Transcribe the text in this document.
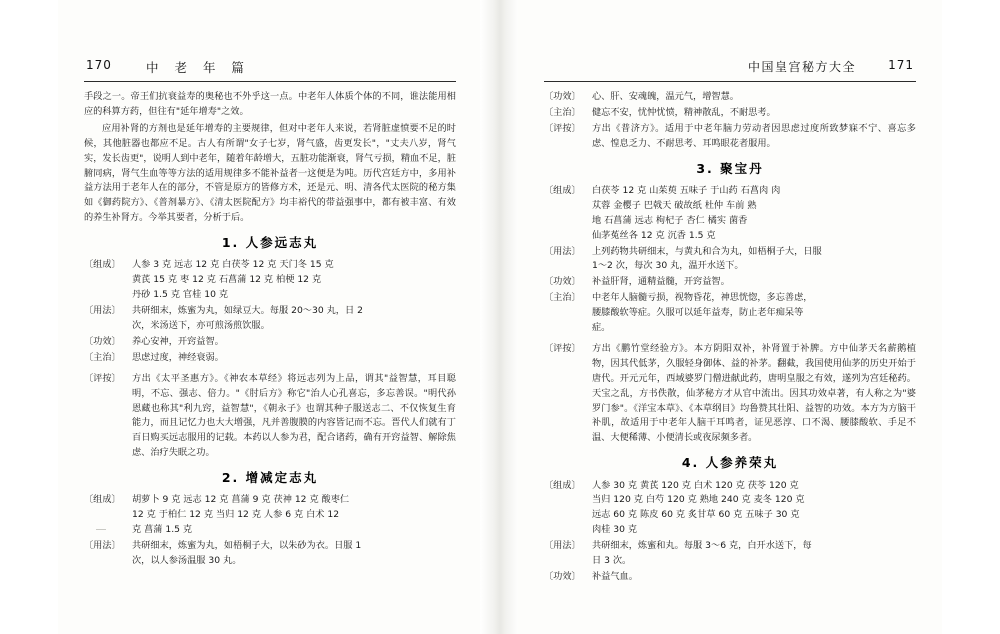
170	中 老 年 篇

手段之一。帝王们抗衰益寿的奥秘也不外乎这一点。中老年人体质个体的不同，谁法能用相应的科算方药，但往有"延年增寿"之效。

应用补肾的方剂也是延年增寿的主要规律，但对中老年人来说，若肾脏虚愤要不足的时候，其他脏器也都应不足。古人有所谓"女子七岁，肾气盛，齿更发长"，"丈夫八岁，肾气实，发长齿更"，说明人到中老年，随着年龄增大，五脏功能渐衰，肾气亏损，精血不足，脏腑同病，肾气生血等等方法的适用规律多不能补益者一这便是为吨。历代宫廷方中，多用补益方法用于老年人在的部分，不管是原方的皆修方术，还是元、明、清各代太医院的秘方集如《御药院方》、《普剂暴方》、《清太医院配方》均丰裕代的带益强事中，都有被丰富、有效的养生补肾方。今举其要者，分析于后。

1. 人参远志丸
〔组成〕	人参 3 克 远志 12 克 白茯苓 12 克 天门冬 15 克
黄芪 15 克 枣 12 克 石菖蒲 12 克 柏梗 12 克
丹砂 1.5 克 官桂 10 克
〔用法〕	共研细末，炼蜜为丸，如绿豆大。每服 20～30 丸，日 2
次，米汤送下，亦可煎汤煎饮服。
〔功效〕	养心安神，开窍益智。
〔主治〕	思虑过度，神经衰弱。
〔评按〕	方出《太平圣惠方》。《神农本草经》将远志列为上品，谓其"益智慧，耳目聪明，不忘、强志、倍力。"《肘后方》称它"治人心孔喜忘，多忘善误。"明代孙恩藏也称其"利九窍，益智慧"，《朝永子》也谓其种子服送志二、不仅恢复生育能力，而且记忆力也大大增强，凡并善腹膜的内容皆记而不忘。晋代人们就有丁百日购买远志服用的记载。本药以人参为君，配合诸药，确有开窍益智、解除焦虑、治疗失眠之功。
2. 增减定志丸
〔组成〕	胡萝卜 9 克 远志 12 克 菖蒲 9 克 茯神 12 克 酸枣仁
12 克 于柏仁 12 克 当归 12 克 人参 6 克 白术 12
克 菖蒲 1.5 克
〔用法〕	共研细末，炼蜜为丸，如梧桐子大，以朱砂为衣。日服 1
次，以人参汤温服 30 丸。
中国皇宫秘方大全	171
〔功效〕	心、肝、安魂魄，温元气，增智慧。
〔主治〕	健忘不安，忧忡忧愤，精神散乱，不耐思考。
〔评按〕	方出《普济方》。适用于中老年脑力劳动者因思虑过度所致梦寐不宁、喜忘多虑、惶息乏力、不耐思考、耳鸣眼花者服用。
3. 聚宝丹
〔组成〕	白茯苓 12 克 山茱萸 五味子 于山药 石菖肉 肉
苁蓉 金樱子 巴戟天 破故纸 杜仲 车前 熟
地 石菖蒲 远志 枸杞子 杏仁 橘实 菌香
仙茅菟丝各 12 克 沉香 1.5 克
〔用法〕	上列药物共研细末，与黄丸和合为丸，如梧桐子大，日服
1～2 次，每次 30 丸，温开水送下。
〔功效〕	补益肝肾，通精益髓，开窍益智。
〔主治〕	中老年人脑髓亏损，视物昏花，神思恍惚，多忘善虑，
腰膝酸软等症。久服可以延年益寿，防止老年痴呆等
症。
〔评按〕	方出《鹏竹堂经验方》。本方阴阳双补，补肾置于补脾。方中仙茅天名薪鹅植物，因其代低茅，久服轻身御体、益的补茅。翻截，我国使用仙茅的历史开始于唐代。开元元年，西域婆罗门僧进献此药，唐明皇服之有效，遂列为宫廷秘药。天宝之乱，方书佚散，仙茅秘方才从官中流出。因其功效卓著，有人称之为"婆罗门参"。《洋宝本草》、《本草纲目》均鲁赞其壮阳、益智的功效。本方为方脑干补肌，故适用于中老年人脑干耳鸣者，证见恶淳、口不渴、腰膝酸软、手足不温、大便稀薄、小便清长或夜尿频多者。
4. 人参养荣丸
〔组成〕	人参 30 克 黄芪 120 克 白术 120 克 茯苓 120 克
当归 120 克 白芍 120 克 熟地 240 克 麦冬 120 克
远志 60 克 陈皮 60 克 炙甘草 60 克 五味子 30 克
肉桂 30 克
〔用法〕	共研细末，炼蜜和丸。每服 3～6 克，白开水送下，每
日 3 次。
〔功效〕	补益气血。
